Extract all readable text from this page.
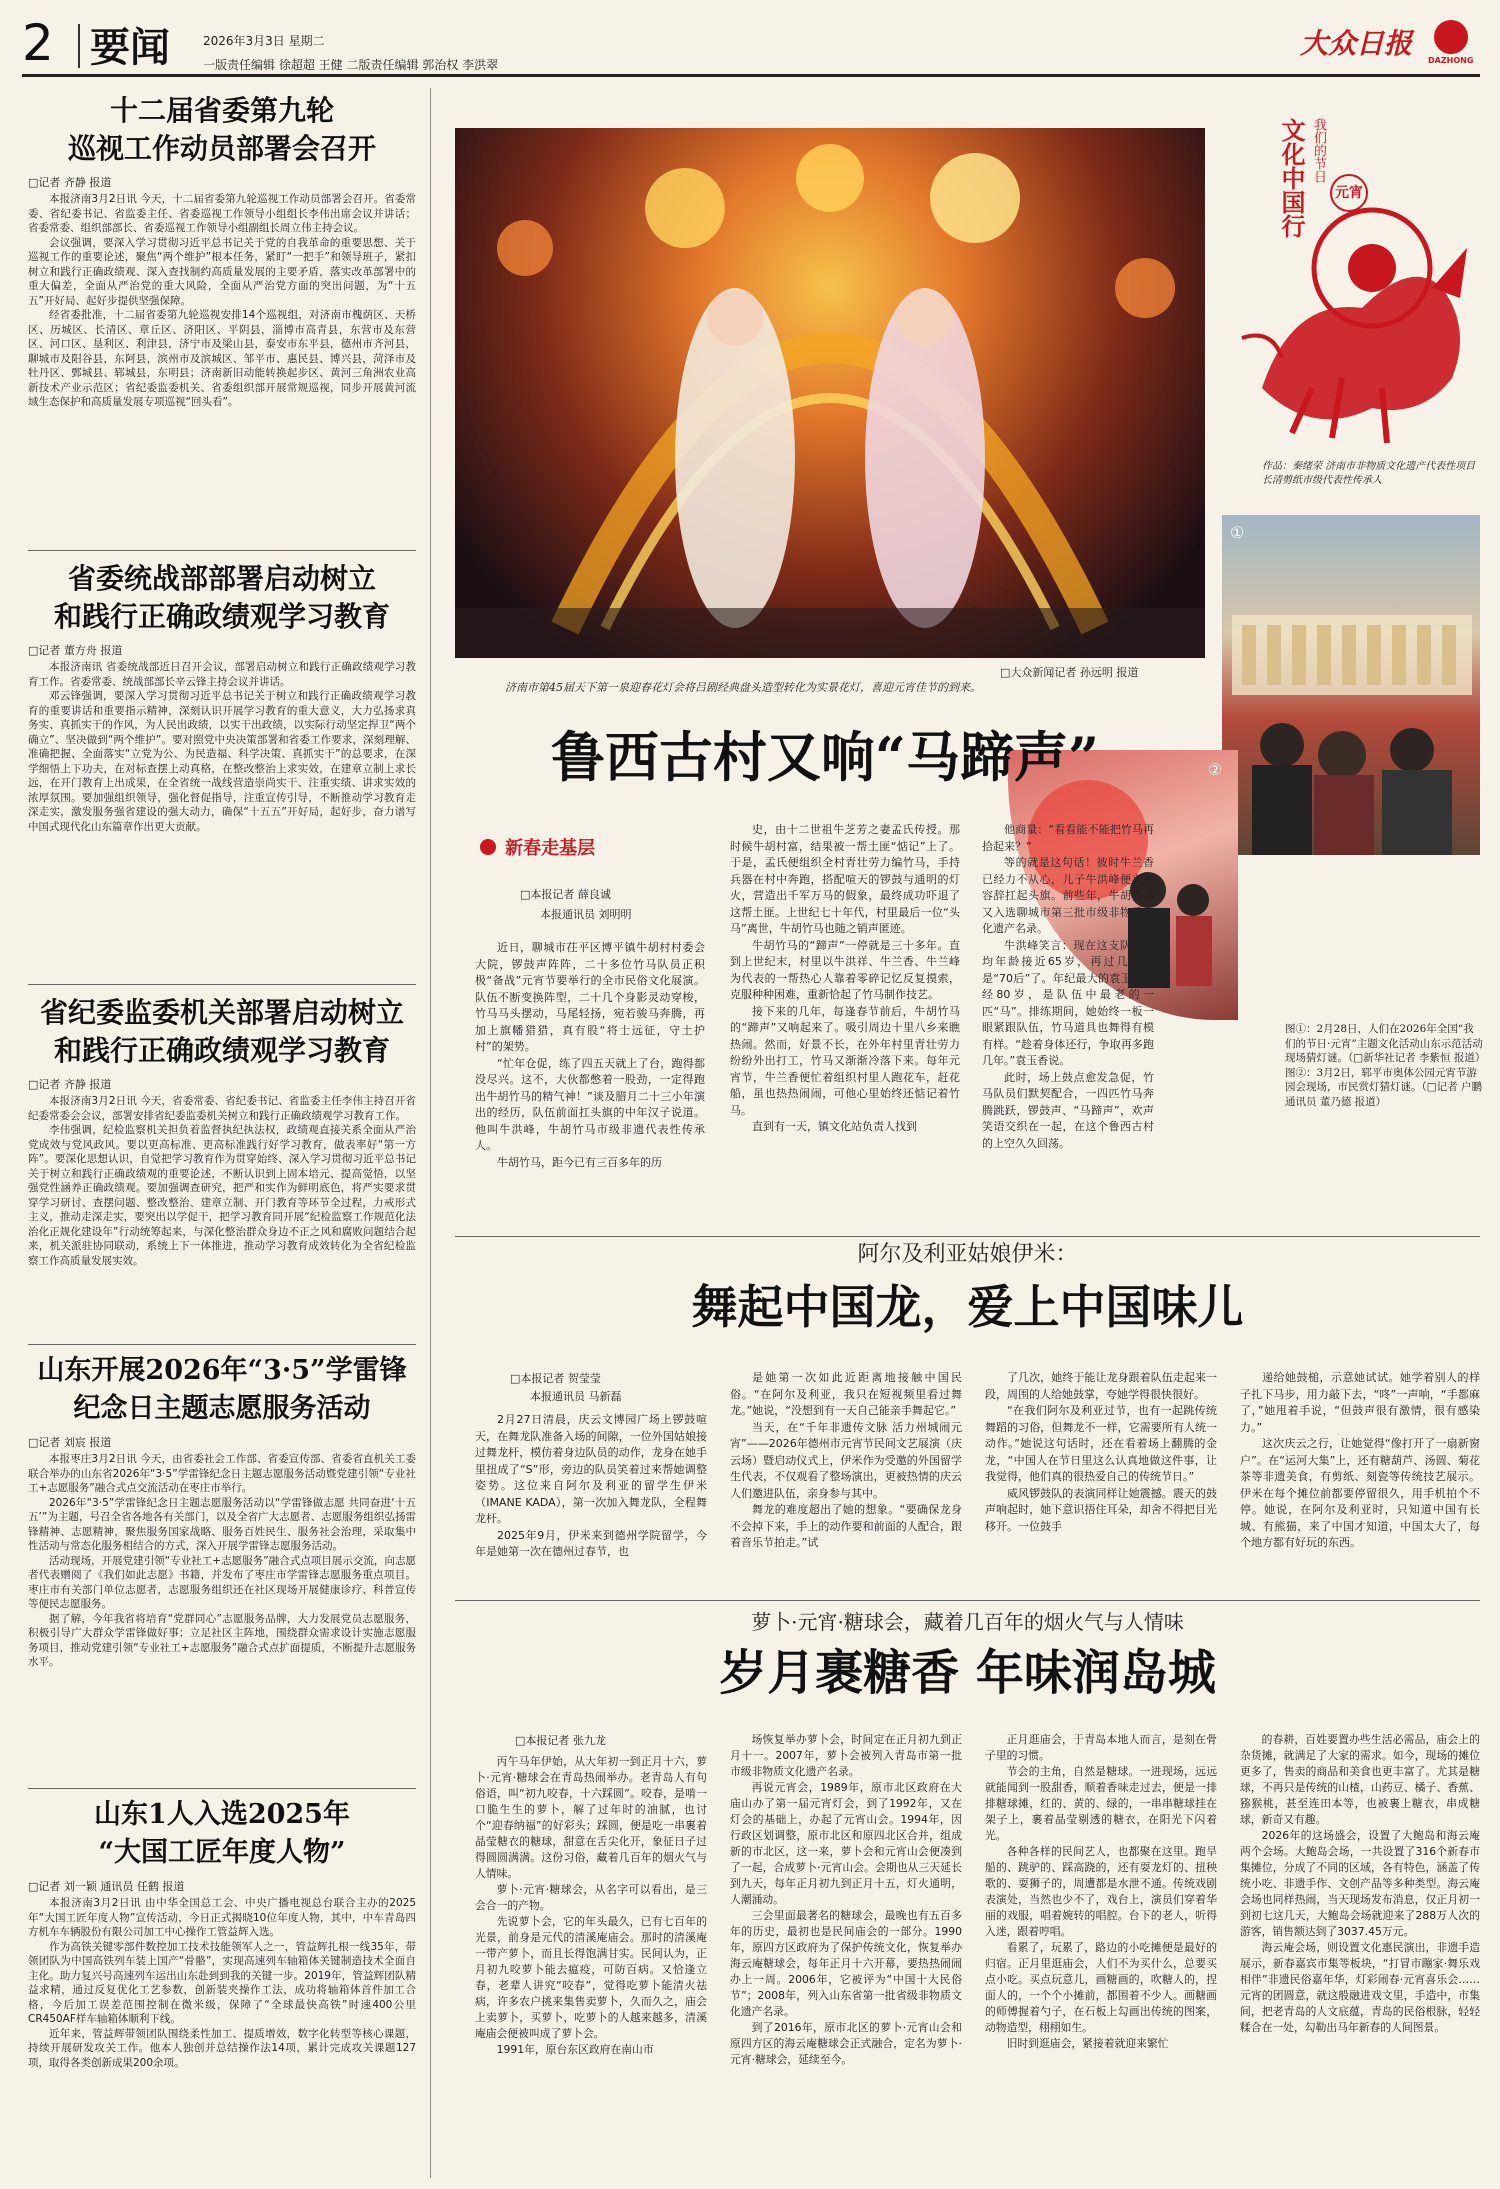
2 要闻	2026年3月3日 星期二
一版责任编辑 徐超超 王健 二版责任编辑 郭治权 李洪翠
大众日报
DAZHONG
十二届省委第九轮
巡视工作动员部署会召开
□记者 齐静 报道

本报济南3月2日讯 今天，十二届省委第九轮巡视工作动员部署会召开。省委常委、省纪委书记、省监委主任、省委巡视工作领导小组组长李伟出席会议并讲话；省委常委、组织部部长、省委巡视工作领导小组副组长周立伟主持会议。

会议强调，要深入学习贯彻习近平总书记关于党的自我革命的重要思想、关于巡视工作的重要论述，聚焦“两个维护”根本任务，紧盯“一把手”和领导班子，紧扣树立和践行正确政绩观、深入查找制约高质量发展的主要矛盾，落实改革部署中的重大偏差，全面从严治党的重大风险，全面从严治党方面的突出问题，为“十五五”开好局、起好步提供坚强保障。

经省委批准，十二届省委第九轮巡视安排14个巡视组，对济南市槐荫区、天桥区、历城区、长清区、章丘区、济阳区、平阴县，淄博市高青县，东营市及东营区、河口区、垦利区、利津县，济宁市及梁山县，泰安市东平县，德州市齐河县，聊城市及阳谷县，东阿县，滨州市及滨城区、邹平市、惠民县、博兴县，菏泽市及牡丹区、鄄城县、郓城县，东明县；济南新旧动能转换起步区、黄河三角洲农业高新技术产业示范区；省纪委监委机关、省委组织部开展常规巡视，同步开展黄河流域生态保护和高质量发展专项巡视“回头看”。

省委统战部部署启动树立
和践行正确政绩观学习教育
□记者 董方舟 报道

本报济南讯 省委统战部近日召开会议，部署启动树立和践行正确政绩观学习教育工作。省委常委、统战部部长辛云锋主持会议并讲话。

邓云锋强调，要深入学习贯彻习近平总书记关于树立和践行正确政绩观学习教育的重要讲话和重要指示精神，深刻认识开展学习教育的重大意义，大力弘扬求真务实、真抓实干的作风，为人民出政绩，以实干出政绩，以实际行动坚定捍卫“两个确立”、坚决做到“两个维护”。要对照党中央决策部署和省委工作要求，深刻理解、准确把握、全面落实“立党为公、为民造福、科学决策、真抓实干”的总要求，在深学细悟上下功夫，在对标查摆上动真格，在整改整治上求实效，在建章立制上求长远，在开门教育上出成果，在全省统一战线营造崇尚实干、注重实绩、讲求实效的浓厚氛围。要加强组织领导，强化督促指导，注重宣传引导，不断推动学习教育走深走实，激发服务强省建设的强大动力，确保“十五五”开好局，起好步，奋力谱写中国式现代化山东篇章作出更大贡献。

省纪委监委机关部署启动树立
和践行正确政绩观学习教育
□记者 齐静 报道

本报济南3月2日讯 今天，省委常委、省纪委书记、省监委主任李伟主持召开省纪委常委会会议，部署安排省纪委监委机关树立和践行正确政绩观学习教育工作。

李伟强调，纪检监察机关担负着监督执纪执法权，政绩观直接关系全面从严治党成效与党风政风。要以更高标准、更高标准践行好学习教育，做表率好“第一方阵”。要深化思想认识，自觉把学习教育作为贯穿始终、深入学习贯彻习近平总书记关于树立和践行正确政绩观的重要论述，不断认识到上固本培元、提高觉悟，以坚强党性涵养正确政绩观。要加强调查研究，把严和实作为鲜明底色，将严实要求贯穿学习研讨、查摆问题、整改整治、建章立制、开门教育等环节全过程，力戒形式主义，推动走深走实，要突出以学促干，把学习教育同开展“纪检监察工作规范化法治化正规化建设年”行动统筹起来，与深化整治群众身边不正之风和腐败问题结合起来，机关派驻协同联动，系统上下一体推进，推动学习教育成效转化为全省纪检监察工作高质量发展实效。

山东开展2026年“3·5”学雷锋
纪念日主题志愿服务活动
□记者 刘宸 报道

本报枣庄3月2日讯 今天，由省委社会工作部、省委宣传部、省委省直机关工委联合举办的山东省2026年“3·5”学雷锋纪念日主题志愿服务活动暨党建引领“专业社工+志愿服务”融合式点交流活动在枣庄市举行。

2026年“3·5”学雷锋纪念日主题志愿服务活动以“学雷锋做志愿 共同奋进‘十五五’”为主题，号召全省各地各有关部门，以及全省广大志愿者、志愿服务组织弘扬雷锋精神、志愿精神，聚焦服务国家战略、服务百姓民生、服务社会治理，采取集中性活动与常态化服务相结合的方式，深入开展学雷锋志愿服务活动。

活动现场，开展党建引领“专业社工+志愿服务”融合式点项目展示交流，向志愿者代表赠阅了《我们如此志愿》书籍，并发布了枣庄市学雷锋志愿服务重点项目。枣庄市有关部门单位志愿者，志愿服务组织还在社区现场开展健康诊疗、科普宣传等便民志愿服务。

据了解，今年我省将培育“党群同心”志愿服务品牌，大力发展党员志愿服务，积极引导广大群众学雷锋做好事；立足社区主阵地，围绕群众需求设计实施志愿服务项目，推动党建引领“专业社工+志愿服务”融合式点扩面提质，不断提升志愿服务水平。

山东1人入选2025年
“大国工匠年度人物”
□记者 刘一颖 通讯员 任鹤 报道

本报济南3月2日讯 由中华全国总工会、中央广播电视总台联合主办的2025年“大国工匠年度人物”宣传活动，今日正式揭晓10位年度人物，其中，中车青岛四方机车车辆股份有限公司加工中心操作工管益辉入选。

作为高铁关键零部件数控加工技术技能领军人之一，管益辉扎根一线35年，带领团队为中国高铁列车装上国产“骨骼”，实现高速列车轴箱体关键制造技术全面自主化。助力复兴号高速列车运出山东赴到到我的关键一步。2019年，管益辉团队精益求精，通过反复优化工艺参数，创新装夹操作工法，成功将轴箱体首件加工合格，今后加工误差范围控制在微米级，保障了“全球最快高铁”时速400公里CR450AF样车轴箱体顺利下线。

近年来，管益辉带领团队围绕柔性加工、提质增效，数字化转型等核心课题，持续开展研发攻关工作。他本人独创并总结操作法14项，累计完成攻关课题127项，取得各类创新成果200余项。

□大众新闻记者 孙远明 报道
济南市第45届天下第一泉迎春花灯会将吕剧经典盘头造型转化为实景花灯，喜迎元宵佳节的到来。
我们的节日
文化中国行	元宵
作品：秦绪荣 济南市非物质文化遗产代表性项目长清剪纸市级代表性传承人
①
②
图①：2月28日，人们在2026年全国“我们的节日·元宵”主题文化活动山东示范活动现场猜灯谜。（□新华社记者 李紫恒 报道）图②：3月2日，郓平市奥体公园元宵节游园会现场，市民赏灯猜灯谜。（□记者 户鹏 通讯员 董乃德 报道）
鲁西古村又响“马蹄声”
新春走基层
□本报记者 薛良诚
本报通讯员 刘明明

近日，聊城市茌平区博平镇牛胡村村委会大院，锣鼓声阵阵，二十多位竹马队员正积极“备战”元宵节要举行的全市民俗文化展演。队伍不断变换阵型，二十几个身影灵动穿梭，竹马马头摆动，马尾轻扬，宛若骏马奔腾，再加上旗幡猎猎，真有股“将士远征，守土护村”的架势。

“忙年仓促，练了四五天就上了台，跑得都没尽兴。这不，大伙都憋着一股劲，一定得跑出牛胡竹马的精气神！”谈及腊月二十三小年演出的经历，队伍前面扛头旗的中年汉子说道。他叫牛洪峰，牛胡竹马市级非遗代表性传承人。

牛胡竹马，距今已有三百多年的历

史，由十二世祖牛芝芳之妻孟氏传授。那时候牛胡村富，结果被一帮土匪“惦记”上了。于是，孟氏便组织全村青壮劳力编竹马，手持兵器在村中奔跑，搭配喧天的锣鼓与通明的灯火，营造出千军万马的假象，最终成功吓退了这帮土匪。上世纪七十年代，村里最后一位“头马”离世，牛胡竹马也随之销声匿迹。

牛胡竹马的“蹄声”一停就是三十多年。直到上世纪末，村里以牛洪祥、牛兰香、牛兰峰为代表的一帮热心人靠着零碎记忆反复摸索，克服种种困难，重新恰起了竹马制作技艺。

接下来的几年，每逢春节前后，牛胡竹马的“蹄声”又响起来了。吸引周边十里八乡来瞧热闹。然而，好景不长，在外年村里青壮劳力纷纷外出打工，竹马又渐渐冷落下来。每年元宵节，牛兰香便忙着组织村里人跑花车，赶花船，虽也热热闹闹，可他心里始终还惦记着竹马。

直到有一天，镇文化站负责人找到

他商量：“看看能不能把竹马再拾起来？”

等的就是这句话！彼时牛兰香已经力不从心，儿子牛洪峰便义不容辞扛起头旗。前些年，牛胡竹马又入选聊城市第三批市级非物质文化遗产名录。

牛洪峰笑言：现在这支队伍平均年龄接近65岁，再过几年就是“70后”了。年纪最大的袁玉香已经80岁，是队伍中最老的一匹“马”。排练期间，她始终一板一眼紧跟队伍，竹马道具也舞得有模有样。“趁着身体还行，争取再多跑几年。”袁玉香说。

此时，场上鼓点愈发急促，竹马队员们默契配合，一四匹竹马奔腾跳跃，锣鼓声、“马蹄声”，欢声笑语交织在一起，在这个鲁西古村的上空久久回荡。

阿尔及利亚姑娘伊米：
舞起中国龙，爱上中国味儿
□本报记者 贺莹莹
本报通讯员 马新磊

2月27日清晨，庆云文博园广场上锣鼓喧天，在舞龙队准备入场的间隙，一位外国姑娘接过舞龙杆，模仿着身边队员的动作，龙身在她手里扭成了“S”形，旁边的队员笑着过来帮她调整姿势。这位来自阿尔及利亚的留学生伊米（IMANE KADA），第一次加入舞龙队，全程舞龙杆。

2025年9月，伊米来到德州学院留学，今年是她第一次在德州过春节，也

是她第一次如此近距离地接触中国民俗。“在阿尔及利亚，我只在短视频里看过舞龙。”她说，“没想到有一天自己能亲手舞起它。”

当天，在“千年非遗传文脉 活力州城闹元宵”——2026年德州市元宵节民间文艺展演（庆云场）暨启动仪式上，伊米作为受邀的外国留学生代表，不仅观看了整场演出，更被热情的庆云人们邀进队伍，亲身参与其中。

舞龙的难度超出了她的想象。“要确保龙身不会掉下来，手上的动作要和前面的人配合，跟着音乐节拍走。”试

了几次，她终于能让龙身跟着队伍走起来一段，周围的人给她鼓掌，夸她学得很快很好。

“在我们阿尔及利亚过节，也有一起跳传统舞蹈的习俗，但舞龙不一样，它需要所有人统一动作。”她说这句话时，还在看着场上翻腾的金龙，“中国人在节日里这么认真地做这件事，让我觉得，他们真的很热爱自己的传统节日。”

威风锣鼓队的表演同样让她震撼。震天的鼓声响起时，她下意识捂住耳朵，却舍不得把目光移开。一位鼓手

递给她鼓槌，示意她试试。她学着别人的样子扎下马步，用力敲下去，“咚”一声响，“手都麻了，”她甩着手说，“但鼓声很有激情，很有感染力。”

这次庆云之行，让她觉得“像打开了一扇新窗户”。在“运河大集”上，还有糖葫芦、汤圆、菊花茶等非遗美食，有剪纸、刻瓷等传统技艺展示。伊米在每个摊位前都要停留很久，用手机拍个不停。她说，在阿尔及利亚时，只知道中国有长城、有熊猫，来了中国才知道，中国太大了，每个地方都有好玩的东西。

萝卜·元宵·糖球会，藏着几百年的烟火气与人情味
岁月裹糖香 年味润岛城
□本报记者 张九龙

丙午马年伊始，从大年初一到正月十六，萝卜·元宵·糖球会在青岛热闹举办。老青岛人有句俗语，叫“初九咬春，十六踩圆”。咬春，是啃一口脆生生的萝卜，解了过年时的油腻，也讨个“迎春纳福”的好彩头；踩圆，便是吃一串裹着晶莹糖衣的糖球，甜意在舌尖化开，象征日子过得圆圆满满。这份习俗，藏着几百年的烟火气与人情味。

萝卜·元宵·糖球会，从名字可以看出，是三会合一的产物。

先说萝卜会，它的年头最久，已有七百年的光景，前身是元代的清溪庵庙会。那时的清溪庵一带产萝卜，而且长得饱满甘实。民间认为，正月初九咬萝卜能去瘟疫，可防百病。又恰逢立春，老辈人讲究“咬春”，觉得吃萝卜能清火祛病，许多农户挑来集售卖萝卜，久而久之，庙会上卖萝卜，买萝卜，吃萝卜的人越来越多，清溪庵庙会便被叫成了萝卜会。

1991年，原台东区政府在南山市

场恢复举办萝卜会，时间定在正月初九到正月十一。2007年，萝卜会被列入青岛市第一批市级非物质文化遗产名录。

再说元宵会，1989年，原市北区政府在大庙山办了第一届元宵灯会，到了1992年，又在灯会的基础上，办起了元宵山会。1994年，因行政区划调整，原市北区和原四北区合并，组成新的市北区，这一来，萝卜会和元宵山会便凑到了一起，合成萝卜·元宵山会。会期也从三天延长到九天，每年正月初九到正月十五，灯火通明，人潮涌动。

三会里面最著名的糖球会，最晚也有五百多年的历史，最初也是民间庙会的一部分。1990年，原四方区政府为了保护传统文化，恢复举办海云庵糖球会，每年正月十六开幕，要热热闹闹办上一周。2006年，它被评为“中国十大民俗节”；2008年，列入山东省第一批省级非物质文化遗产名录。

到了2016年，原市北区的萝卜·元宵山会和原四方区的海云庵糖球会正式融合，定名为萝卜·元宵·糖球会，延续至今。

正月逛庙会，于青岛本地人而言，是刻在骨子里的习惯。

节会的主角，自然是糖球。一进现场，远远就能闻到一股甜香，顺着香味走过去，便是一排排糖球摊，红的、黄的、绿的，一串串糖球挂在架子上，裹着晶莹剔透的糖衣，在阳光下闪着光。

各种各样的民间艺人，也都聚在这里。跑旱船的、跳驴的、踩高跷的，还有耍龙灯的、扭秧歌的、耍狮子的，周遭都是水泄不通。传统戏剧表演处，当然也少不了，戏台上，演员们穿着华丽的戏服，唱着婉转的唱腔。台下的老人，听得入迷，跟着哼唱。

看累了，玩累了，路边的小吃摊便是最好的归宿。正月里逛庙会，人们不为买什么，总要买点小吃。买点玩意儿，画糖画的，吹糖人的，捏面人的，一个个小摊前，都围着不少人。画糖画的师傅握着勺子，在石板上勾画出传统的图案，动物造型，栩栩如生。

旧时到逛庙会，紧接着就迎来繁忙

的春耕，百姓要置办些生活必需品，庙会上的杂货摊，就满足了大家的需求。如今，现场的摊位更多了，售卖的商品和美食也更丰富了。尤其是糖球，不再只是传统的山楂，山药豆、橘子、香蕉、猕猴桃，甚至连田本等，也被裹上糖衣，串成糖球，新奇又有趣。

2026年的这场盛会，设置了大鲍岛和海云庵两个会场。大鲍岛会场，一共设置了316个新春市集摊位，分成了不同的区域，各有特色，涵盖了传统小吃、非遗手作、文创产品等多种类型。海云庵会场也同样热闹，当天现场发布消息，仅正月初一到初七这几天，大鲍岛会场就迎来了288万人次的游客，销售额达到了3037.45万元。

海云庵会场，则设置文化惠民演出，非遗手造展示，新春嘉宾市集等板块，“打冒市蹦家·舞乐戏相伴”非遗民俗嘉年华，灯彩闹春·元宵喜乐会……元宵的团圆意，就这般融进戏文里，手造中，市集间，把老青岛的人文底蕴，青岛的民俗根脉，轻轻糅合在一处，勾勒出马年新春的人间图景。
